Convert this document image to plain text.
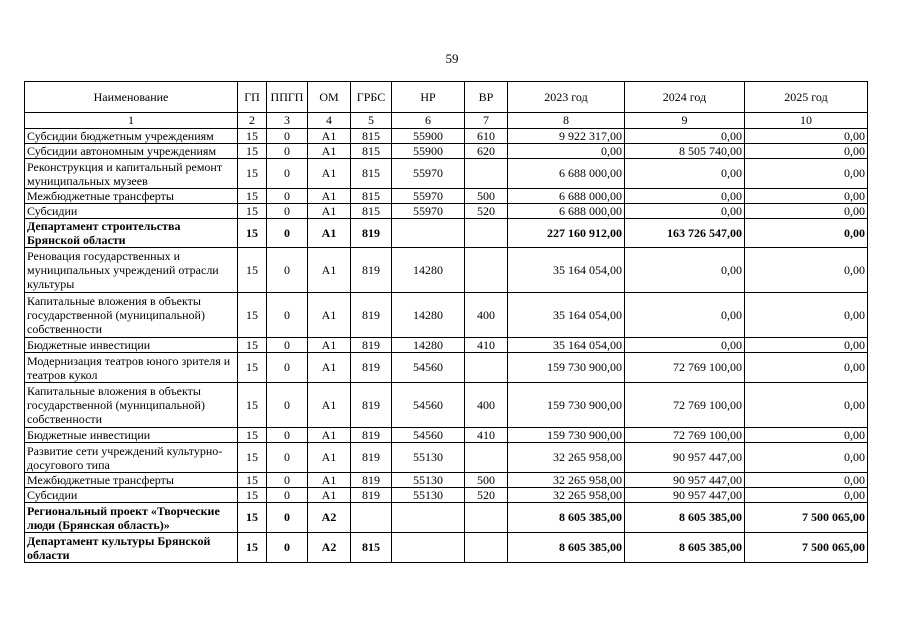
59
Наименование	ГП	ППГП	ОМ	ГРБС	НР	ВР	2023 год	2024 год	2025 год
1	2	3	4	5	6	7	8	9	10
Субсидии бюджетным учреждениям	15	0	А1	815	55900	610	9 922 317,00	0,00	0,00
Субсидии автономным учреждениям	15	0	А1	815	55900	620	0,00	8 505 740,00	0,00
Реконструкция и капитальный ремонт муниципальных музеев	15	0	А1	815	55970		6 688 000,00	0,00	0,00
Межбюджетные трансферты	15	0	А1	815	55970	500	6 688 000,00	0,00	0,00
Субсидии	15	0	А1	815	55970	520	6 688 000,00	0,00	0,00
Департамент строительства Брянской области	15	0	А1	819			227 160 912,00	163 726 547,00	0,00
Реновация государственных и муниципальных учреждений отрасли культуры	15	0	А1	819	14280		35 164 054,00	0,00	0,00
Капитальные вложения в объекты государственной (муниципальной) собственности	15	0	А1	819	14280	400	35 164 054,00	0,00	0,00
Бюджетные инвестиции	15	0	А1	819	14280	410	35 164 054,00	0,00	0,00
Модернизация театров юного зрителя и театров кукол	15	0	А1	819	54560		159 730 900,00	72 769 100,00	0,00
Капитальные вложения в объекты государственной (муниципальной) собственности	15	0	А1	819	54560	400	159 730 900,00	72 769 100,00	0,00
Бюджетные инвестиции	15	0	А1	819	54560	410	159 730 900,00	72 769 100,00	0,00
Развитие сети учреждений культурно-досугового типа	15	0	А1	819	55130		32 265 958,00	90 957 447,00	0,00
Межбюджетные трансферты	15	0	А1	819	55130	500	32 265 958,00	90 957 447,00	0,00
Субсидии	15	0	А1	819	55130	520	32 265 958,00	90 957 447,00	0,00
Региональный проект «Творческие люди (Брянская область)»	15	0	А2				8 605 385,00	8 605 385,00	7 500 065,00
Департамент культуры Брянской области	15	0	А2	815			8 605 385,00	8 605 385,00	7 500 065,00
